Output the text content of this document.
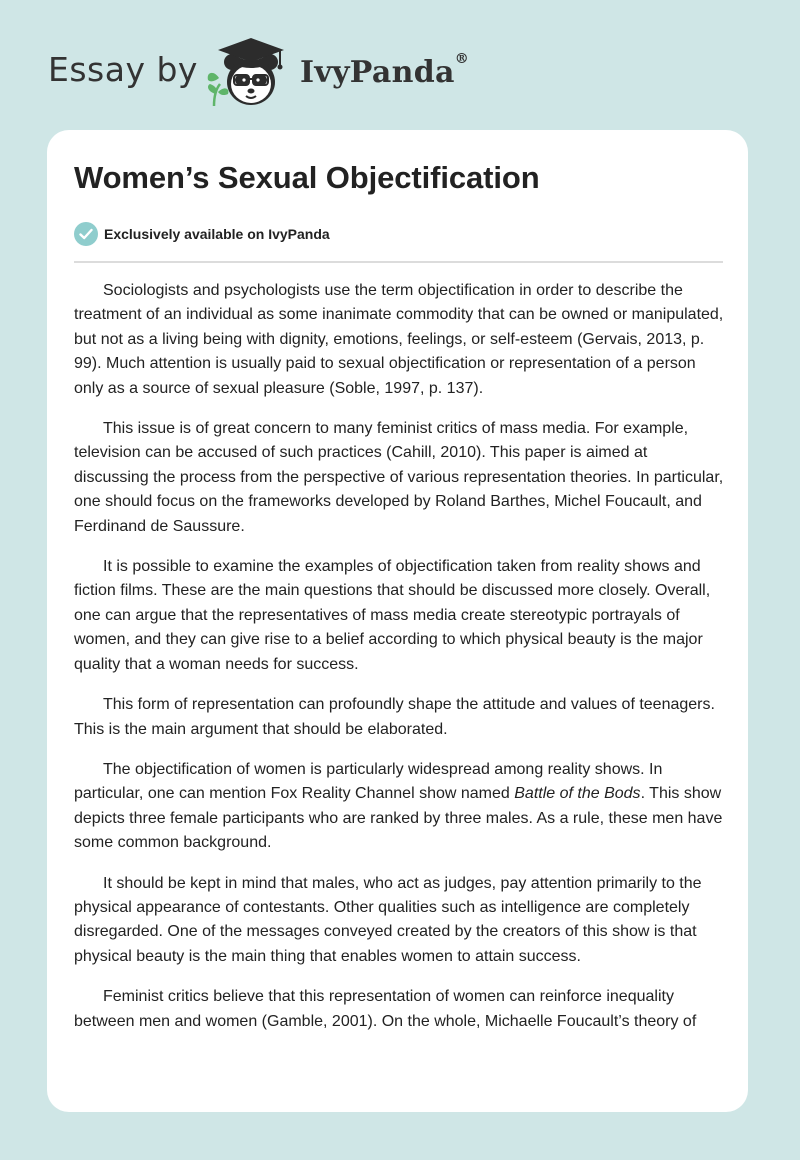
Essay by	IvyPanda®
Women’s Sexual Objectification
Exclusively available on IvyPanda

Sociologists and psychologists use the term objectification in order to describe the treatment of an individual as some inanimate commodity that can be owned or manipulated, but not as a living being with dignity, emotions, feelings, or self-esteem (Gervais, 2013, p. 99). Much attention is usually paid to sexual objectification or representation of a person only as a source of sexual pleasure (Soble, 1997, p. 137).

This issue is of great concern to many feminist critics of mass media. For example, television can be accused of such practices (Cahill, 2010). This paper is aimed at discussing the process from the perspective of various representation theories. In particular, one should focus on the frameworks developed by Roland Barthes, Michel Foucault, and Ferdinand de Saussure.

It is possible to examine the examples of objectification taken from reality shows and fiction films. These are the main questions that should be discussed more closely. Overall, one can argue that the representatives of mass media create stereotypic portrayals of women, and they can give rise to a belief according to which physical beauty is the major quality that a woman needs for success.

This form of representation can profoundly shape the attitude and values of teenagers. This is the main argument that should be elaborated.

The objectification of women is particularly widespread among reality shows. In particular, one can mention Fox Reality Channel show named Battle of the Bods. This show depicts three female participants who are ranked by three males. As a rule, these men have some common background.

It should be kept in mind that males, who act as judges, pay attention primarily to the physical appearance of contestants. Other qualities such as intelligence are completely disregarded. One of the messages conveyed created by the creators of this show is that physical beauty is the main thing that enables women to attain success.

Feminist critics believe that this representation of women can reinforce inequality between men and women (Gamble, 2001). On the whole, Michaelle Foucault’s theory of
